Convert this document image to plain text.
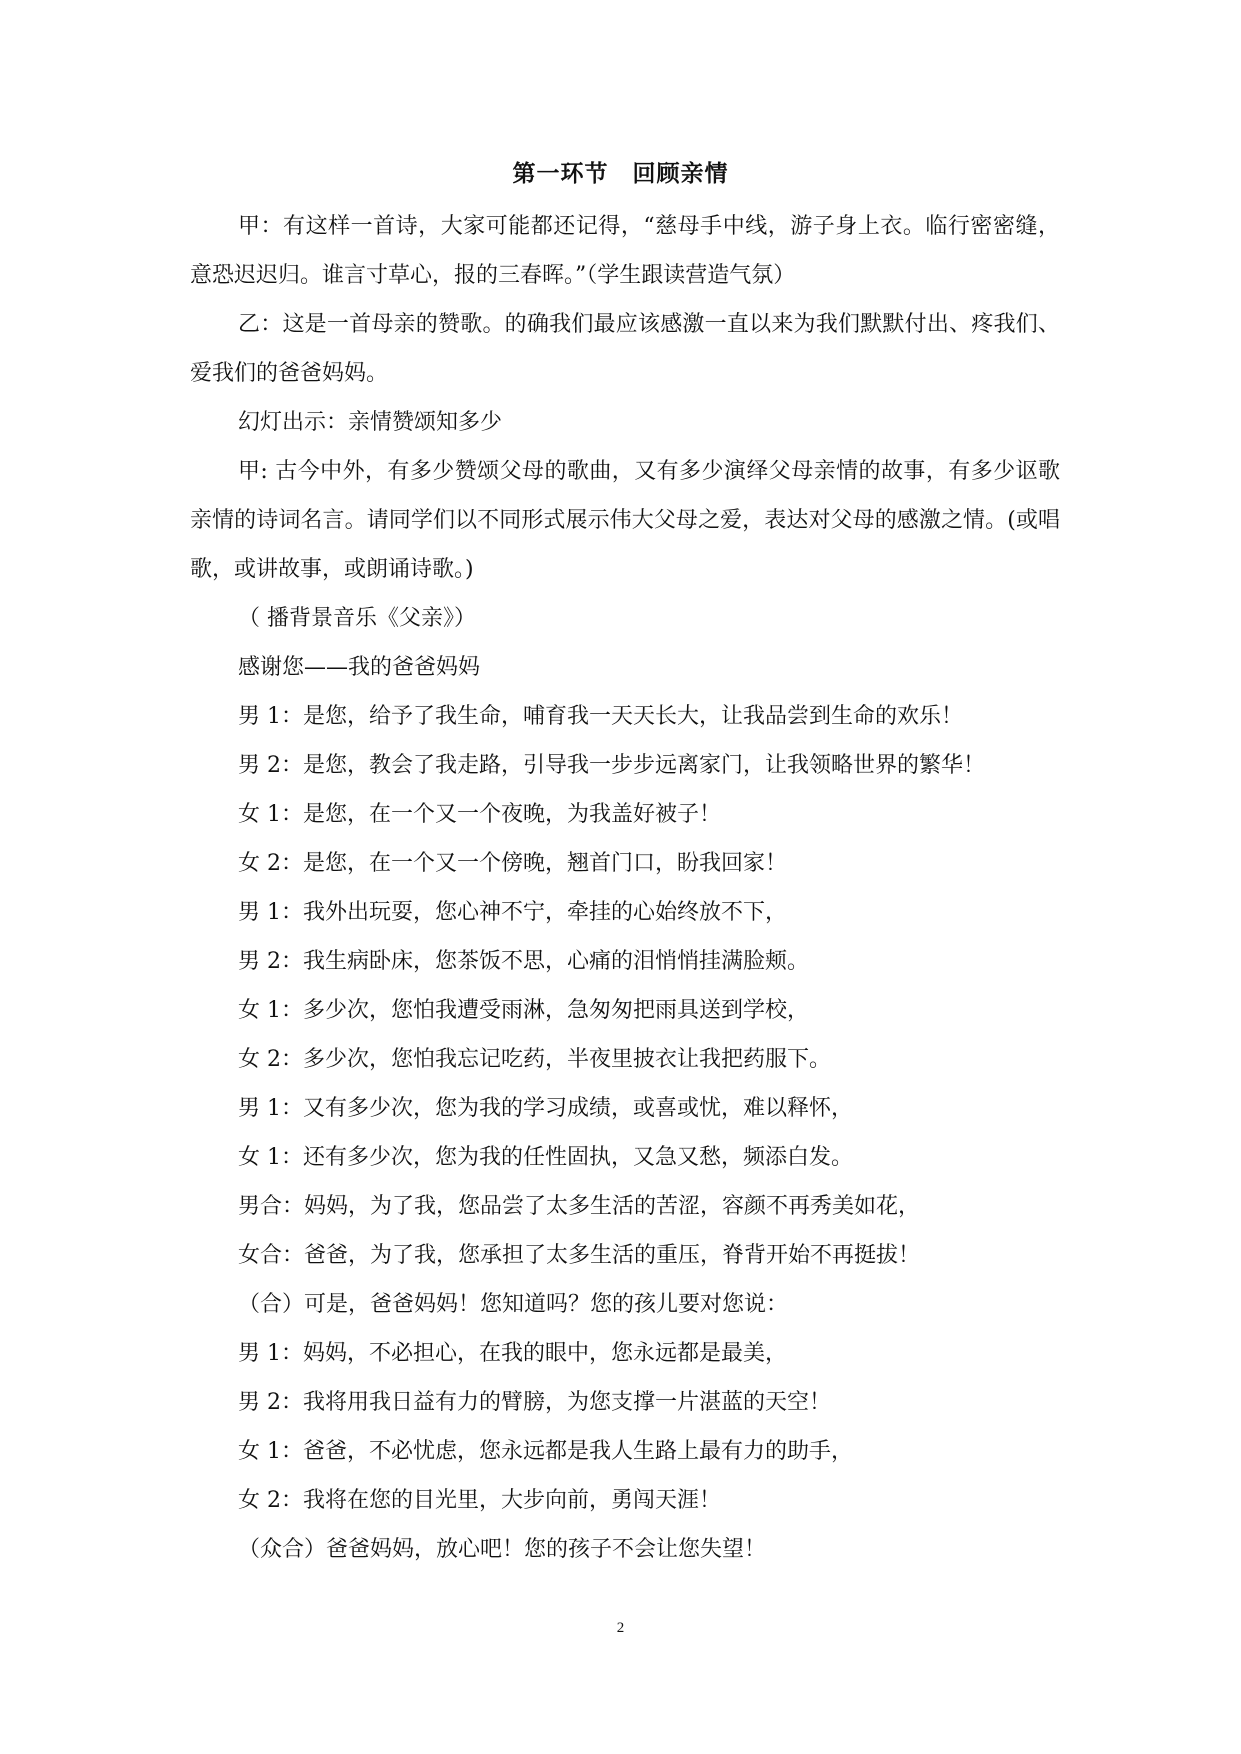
第一环节　回顾亲情

甲：有这样一首诗，大家可能都还记得，“慈母手中线，游子身上衣。临行密密缝，意恐迟迟归。谁言寸草心，报的三春晖。”（学生跟读营造气氛）

乙：这是一首母亲的赞歌。的确我们最应该感激一直以来为我们默默付出、疼我们、爱我们的爸爸妈妈。

幻灯出示：亲情赞颂知多少

甲: 古今中外，有多少赞颂父母的歌曲，又有多少演绎父母亲情的故事，有多少讴歌亲情的诗词名言。请同学们以不同形式展示伟大父母之爱，表达对父母的感激之情。(或唱歌，或讲故事，或朗诵诗歌。)

（ 播背景音乐《父亲》）

感谢您——我的爸爸妈妈

男 1：是您，给予了我生命，哺育我一天天长大，让我品尝到生命的欢乐！

男 2：是您，教会了我走路，引导我一步步远离家门，让我领略世界的繁华！

女 1：是您，在一个又一个夜晚，为我盖好被子！

女 2：是您，在一个又一个傍晚，翘首门口，盼我回家！

男 1：我外出玩耍，您心神不宁，牵挂的心始终放不下，

男 2：我生病卧床，您茶饭不思，心痛的泪悄悄挂满脸颊。

女 1：多少次，您怕我遭受雨淋，急匆匆把雨具送到学校，

女 2：多少次，您怕我忘记吃药，半夜里披衣让我把药服下。

男 1：又有多少次，您为我的学习成绩，或喜或忧，难以释怀，

女 1：还有多少次，您为我的任性固执，又急又愁，频添白发。

男合：妈妈，为了我，您品尝了太多生活的苦涩，容颜不再秀美如花，

女合：爸爸，为了我，您承担了太多生活的重压，脊背开始不再挺拔！

（合）可是，爸爸妈妈！您知道吗？您的孩儿要对您说：

男 1：妈妈，不必担心，在我的眼中，您永远都是最美，

男 2：我将用我日益有力的臂膀，为您支撑一片湛蓝的天空！

女 1：爸爸，不必忧虑，您永远都是我人生路上最有力的助手，

女 2：我将在您的目光里，大步向前，勇闯天涯！

（众合）爸爸妈妈，放心吧！您的孩子不会让您失望！

2
